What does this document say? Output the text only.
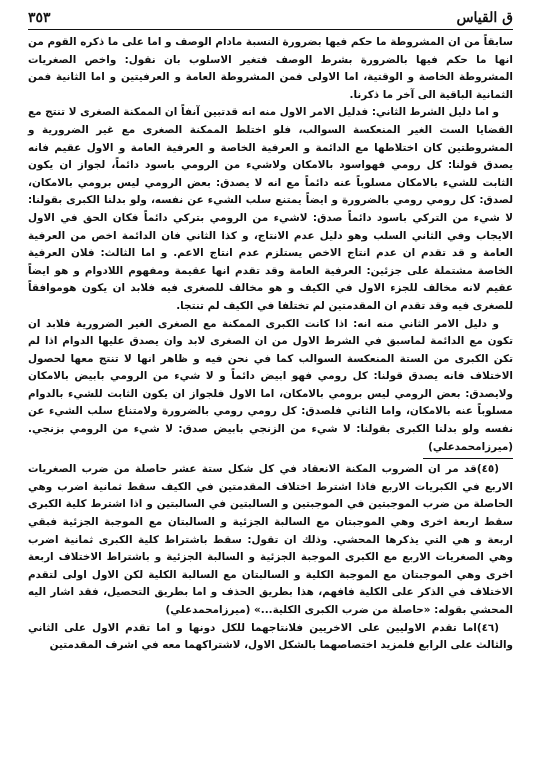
ق القياس
٣٥٣

سابقاً من ان المشروطة ما حكم فيها بضرورة النسبة مادام الوصف و اما على ما ذكره القوم من انها ما حكم فيها بالضرورة بشرط الوصف فتغير الاسلوب بان نقول: واخص الصغريات المشروطة الخاصة و الوقتية، اما الاولى فمن المشروطة العامة و العرفيتين و اما الثانية فمن الثمانية الباقية الى آخر ما ذكرنا.

و اما دليل الشرط الثاني: فدليل الامر الاول منه انه قدتبين آنفاً ان الممكنة الصغرى لا تنتج مع القضايا الست الغير المنعكسة السوالب، فلو اختلط الممكنة الصغرى مع غير الضرورية و المشروطتين كان اختلاطها مع الدائمة و العرفية الخاصة و العرفية العامة و الاول عقيم فانه يصدق قولنا: كل رومي فهواسود بالامكان ولاشيء من الرومي باسود دائماً، لجواز ان يكون الثابت للشيء بالامكان مسلوباً عنه دائماً مع انه لا يصدق: بعض الرومي ليس برومي بالامكان، لصدق: كل رومي رومي بالضرورة و ايضاً يمتنع سلب الشيء عن نفسه، ولو بدلنا الكبرى بقولنا: لا شيء من التركي باسود دائماً صدق: لاشيء من الرومي بتركي دائماً فكان الحق في الاول الايجاب وفي الثاني السلب وهو دليل عدم الانتاج، و كذا الثاني فان الدائمة اخص من العرفية العامة و قد تقدم ان عدم انتاج الاخص يستلزم عدم انتاج الاعم. و اما الثالث: فلان العرفية الخاصة مشتملة على جزئين: العرفية العامة وقد تقدم انها عقيمة ومفهوم اللادوام و هو ايضاً عقيم لانه مخالف للجزء الاول في الكيف و هو مخالف للصغرى فيه فلابد ان يكون هوموافقاً للصغرى فيه وقد تقدم ان المقدمتين لم تختلفا في الكيف لم تنتجا.

و دليل الامر الثاني منه انه: اذا كانت الكبرى الممكنة مع الصغرى الغير الضرورية فلابد ان تكون مع الدائمة لماسبق في الشرط الاول من ان الصغرى لابد وان يصدق عليها الدوام اذا لم تكن الكبرى من الستة المنعكسة السوالب كما في نحن فيه و ظاهر انها لا تنتج معها لحصول الاختلاف فانه يصدق قولنا: كل رومي فهو ابيض دائماً و لا شيء من الرومي بابيض بالامكان ولايصدق: بعض الرومي ليس برومي بالامكان، اما الاول فلجواز ان يكون الثابت للشيء بالدوام مسلوباً عنه بالامكان، واما الثاني فلصدق: كل رومي رومي بالضرورة ولامتناع سلب الشيء عن نفسه ولو بدلنا الكبرى بقولنا: لا شيء من الزنجي بابيض صدق: لا شيء من الرومي بزنجي. (ميرزامحمدعلي)

(٤٥)قد مر ان الضروب المكنة الانعقاد في كل شكل ستة عشر حاصلة من ضرب الصغريات الاربع في الكبريات الاربع فاذا اشترط اختلاف المقدمتين في الكيف سقط ثمانية اضرب وهي الحاصلة من ضرب الموجبتين في الموجبتين و السالبتين في السالبتين و اذا اشترط كلية الكبرى سقط اربعة اخرى وهي الموجبتان مع السالبة الجزئية و السالبتان مع الموجبة الجزئية فبقي اربعة و هي التي يذكرها المحشي. وذلك ان تقول: سقط باشتراط كلية الكبرى ثمانية اضرب وهي الصغريات الاربع مع الكبرى الموجبة الجزئية و السالبة الجزئية و باشتراط الاختلاف اربعة اخرى وهي الموجبتان مع الموجبة الكلية و السالبتان مع السالبة الكلية لكن الاول اولى لتقدم الاختلاف في الذكر على الكلية فافهم، هذا بطريق الحذف و اما بطريق التحصيل، فقد اشار اليه المحشي بقوله: «حاصلة من ضرب الكبرى الكلية...» (ميرزامحمدعلي)

(٤٦)اما تقدم الاوليين على الاخريين فلانتاجهما للكل دونها و اما تقدم الاول على الثاني والثالث على الرابع فلمزيد اختصاصهما بالشكل الاول، لاشتراكهما معه في اشرف المقدمتين
